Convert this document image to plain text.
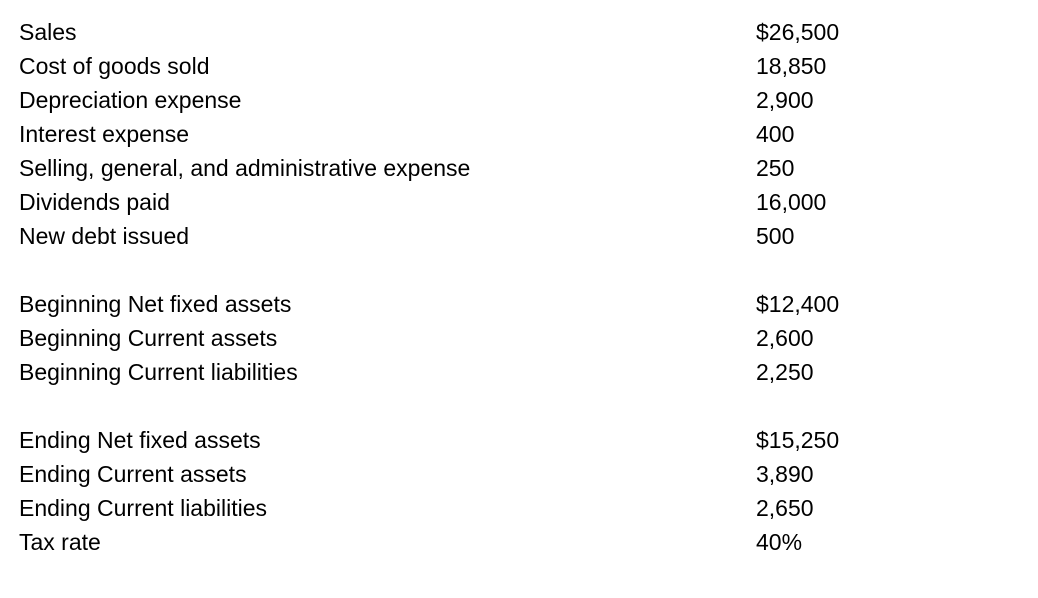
Sales	$26,500
Cost of goods sold	18,850
Depreciation expense	2,900
Interest expense	400
Selling, general, and administrative expense	250
Dividends paid	16,000
New debt issued	500
Beginning Net fixed assets	$12,400
Beginning Current assets	2,600
Beginning Current liabilities	2,250
Ending Net fixed assets	$15,250
Ending Current assets	3,890
Ending Current liabilities	2,650
Tax rate	40%
